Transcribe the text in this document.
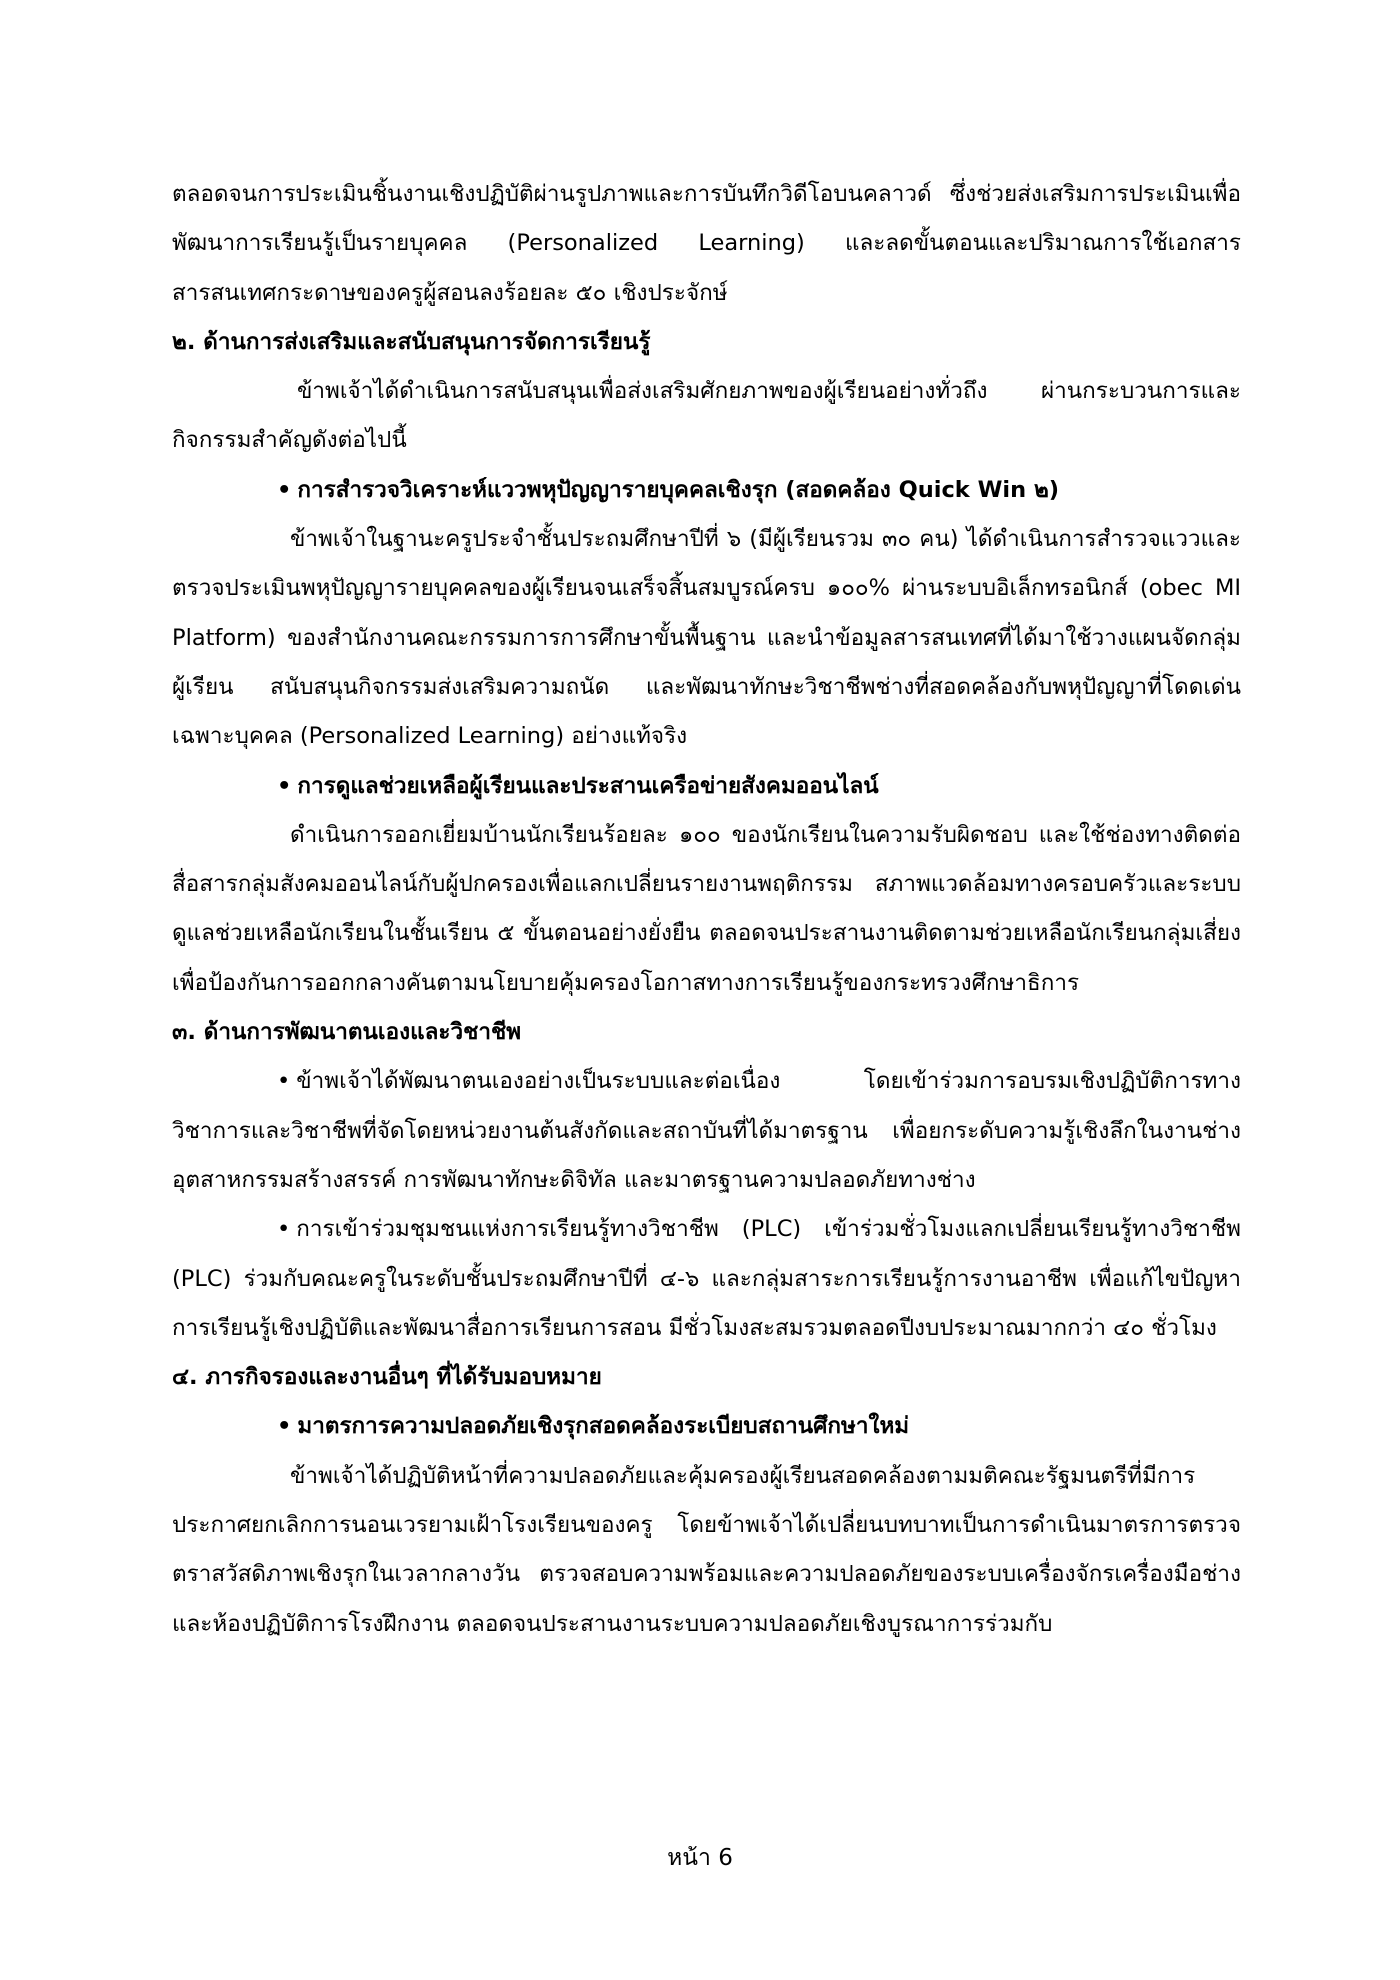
ตลอดจนการประเมินชิ้นงานเชิงปฏิบัติผ่านรูปภาพและการบันทึกวิดีโอบนคลาวด์ ซึ่งช่วยส่งเสริมการประเมินเพื่อพัฒนาการเรียนรู้เป็นรายบุคคล (Personalized Learning) และลดขั้นตอนและปริมาณการใช้เอกสารสารสนเทศกระดาษของครูผู้สอนลงร้อยละ ๕๐ เชิงประจักษ์

๒. ด้านการส่งเสริมและสนับสนุนการจัดการเรียนรู้

ข้าพเจ้าได้ดำเนินการสนับสนุนเพื่อส่งเสริมศักยภาพของผู้เรียนอย่างทั่วถึง ผ่านกระบวนการและกิจกรรมสำคัญดังต่อไปนี้

• การสำรวจวิเคราะห์แววพหุปัญญารายบุคคลเชิงรุก (สอดคล้อง Quick Win ๒)

ข้าพเจ้าในฐานะครูประจำชั้นประถมศึกษาปีที่ ๖ (มีผู้เรียนรวม ๓๐ คน) ได้ดำเนินการสำรวจแววและตรวจประเมินพหุปัญญารายบุคคลของผู้เรียนจนเสร็จสิ้นสมบูรณ์ครบ ๑๐๐% ผ่านระบบอิเล็กทรอนิกส์ (obec MI Platform) ของสำนักงานคณะกรรมการการศึกษาขั้นพื้นฐาน และนำข้อมูลสารสนเทศที่ได้มาใช้วางแผนจัดกลุ่มผู้เรียน สนับสนุนกิจกรรมส่งเสริมความถนัด และพัฒนาทักษะวิชาชีพช่างที่สอดคล้องกับพหุปัญญาที่โดดเด่นเฉพาะบุคคล (Personalized Learning) อย่างแท้จริง

• การดูแลช่วยเหลือผู้เรียนและประสานเครือข่ายสังคมออนไลน์

ดำเนินการออกเยี่ยมบ้านนักเรียนร้อยละ ๑๐๐ ของนักเรียนในความรับผิดชอบ และใช้ช่องทางติดต่อสื่อสารกลุ่มสังคมออนไลน์กับผู้ปกครองเพื่อแลกเปลี่ยนรายงานพฤติกรรม สภาพแวดล้อมทางครอบครัวและระบบดูแลช่วยเหลือนักเรียนในชั้นเรียน ๕ ขั้นตอนอย่างยั่งยืน ตลอดจนประสานงานติดตามช่วยเหลือนักเรียนกลุ่มเสี่ยงเพื่อป้องกันการออกกลางคันตามนโยบายคุ้มครองโอกาสทางการเรียนรู้ของกระทรวงศึกษาธิการ

๓. ด้านการพัฒนาตนเองและวิชาชีพ

• ข้าพเจ้าได้พัฒนาตนเองอย่างเป็นระบบและต่อเนื่อง โดยเข้าร่วมการอบรมเชิงปฏิบัติการทางวิชาการและวิชาชีพที่จัดโดยหน่วยงานต้นสังกัดและสถาบันที่ได้มาตรฐาน เพื่อยกระดับความรู้เชิงลึกในงานช่างอุตสาหกรรมสร้างสรรค์ การพัฒนาทักษะดิจิทัล และมาตรฐานความปลอดภัยทางช่าง

• การเข้าร่วมชุมชนแห่งการเรียนรู้ทางวิชาชีพ (PLC) เข้าร่วมชั่วโมงแลกเปลี่ยนเรียนรู้ทางวิชาชีพ (PLC) ร่วมกับคณะครูในระดับชั้นประถมศึกษาปีที่ ๔-๖ และกลุ่มสาระการเรียนรู้การงานอาชีพ เพื่อแก้ไขปัญหาการเรียนรู้เชิงปฏิบัติและพัฒนาสื่อการเรียนการสอน มีชั่วโมงสะสมรวมตลอดปีงบประมาณมากกว่า ๔๐ ชั่วโมง

๔. ภารกิจรองและงานอื่นๆ ที่ได้รับมอบหมาย

• มาตรการความปลอดภัยเชิงรุกสอดคล้องระเบียบสถานศึกษาใหม่

ข้าพเจ้าได้ปฏิบัติหน้าที่ความปลอดภัยและคุ้มครองผู้เรียนสอดคล้องตามมติคณะรัฐมนตรีที่มีการประกาศยกเลิกการนอนเวรยามเฝ้าโรงเรียนของครู โดยข้าพเจ้าได้เปลี่ยนบทบาทเป็นการดำเนินมาตรการตรวจตราสวัสดิภาพเชิงรุกในเวลากลางวัน ตรวจสอบความพร้อมและความปลอดภัยของระบบเครื่องจักรเครื่องมือช่าง และห้องปฏิบัติการโรงฝึกงาน ตลอดจนประสานงานระบบความปลอดภัยเชิงบูรณาการร่วมกับ

หน้า 6
